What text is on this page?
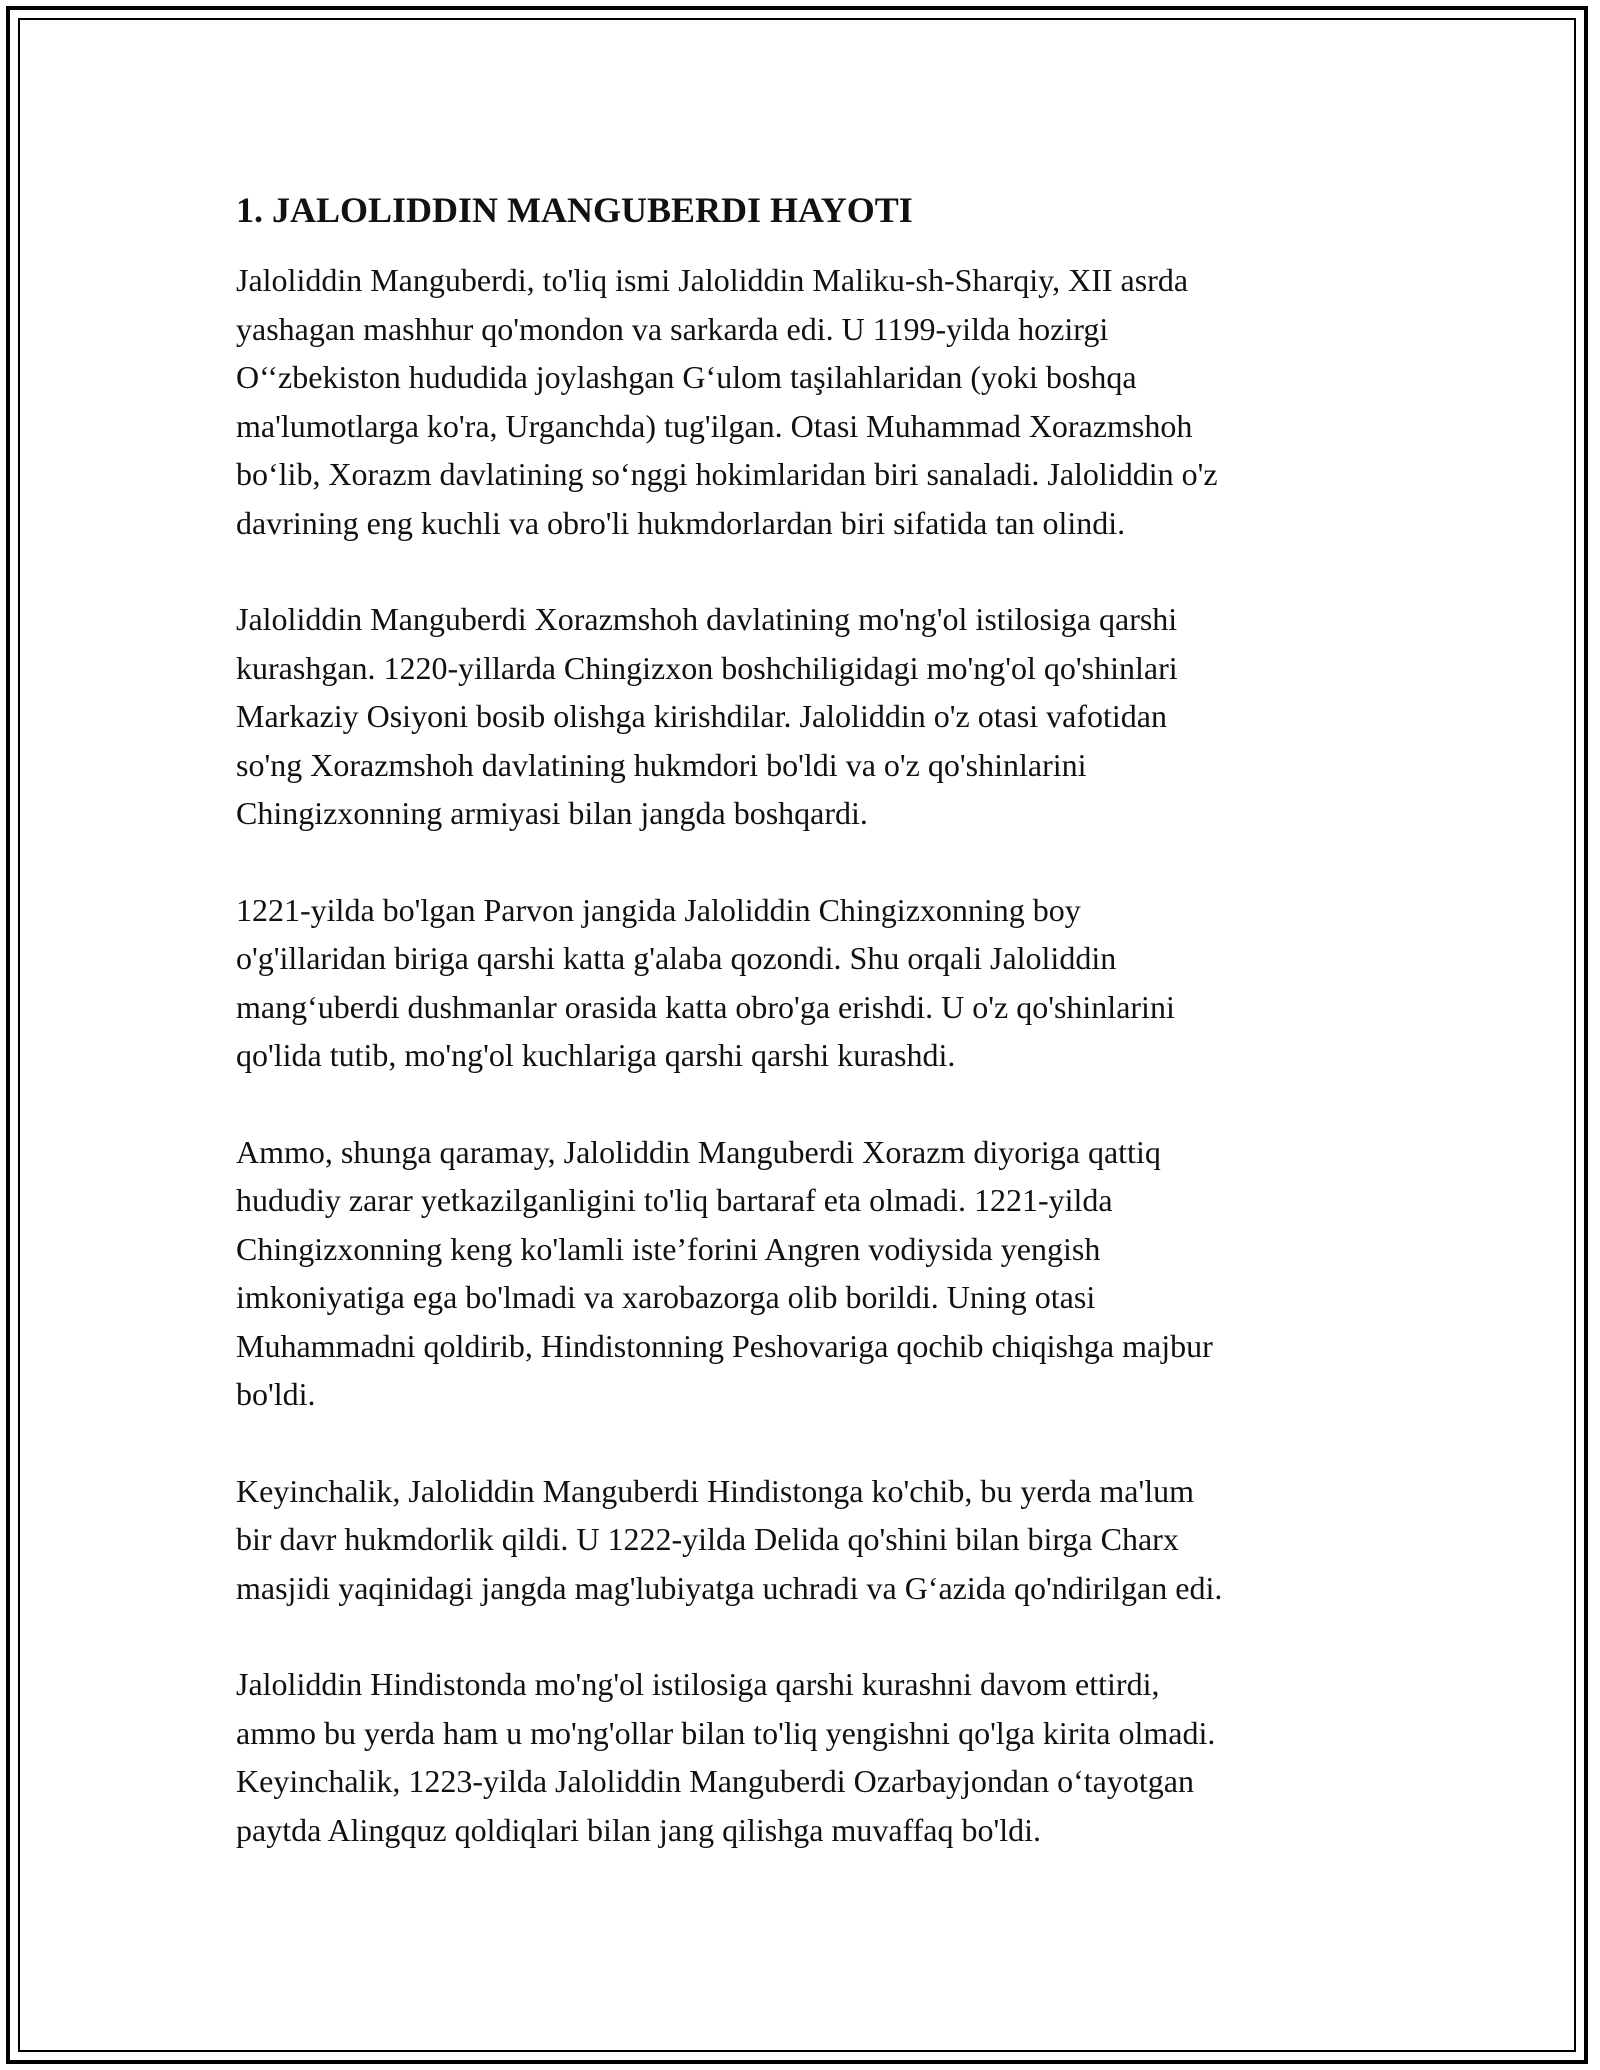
1. JALOLIDDIN MANGUBERDI HAYOTI

Jaloliddin Manguberdi, to'liq ismi Jaloliddin Maliku-sh-Sharqiy, XII asrda
yashagan mashhur qo'mondon va sarkarda edi. U 1199-yilda hozirgi
O‘‘zbekiston hududida joylashgan G‘ulom taşilahlaridan (yoki boshqa
ma'lumotlarga ko'ra, Urganchda) tug'ilgan. Otasi Muhammad Xorazmshoh
bo‘lib, Xorazm davlatining so‘nggi hokimlaridan biri sanaladi. Jaloliddin o'z
davrining eng kuchli va obro'li hukmdorlardan biri sifatida tan olindi.

Jaloliddin Manguberdi Xorazmshoh davlatining mo'ng'ol istilosiga qarshi
kurashgan. 1220-yillarda Chingizxon boshchiligidagi mo'ng'ol qo'shinlari
Markaziy Osiyoni bosib olishga kirishdilar. Jaloliddin o'z otasi vafotidan
so'ng Xorazmshoh davlatining hukmdori bo'ldi va o'z qo'shinlarini
Chingizxonning armiyasi bilan jangda boshqardi.

1221-yilda bo'lgan Parvon jangida Jaloliddin Chingizxonning boy
o'g'illaridan biriga qarshi katta g'alaba qozondi. Shu orqali Jaloliddin
mang‘uberdi dushmanlar orasida katta obro'ga erishdi. U o'z qo'shinlarini
qo'lida tutib, mo'ng'ol kuchlariga qarshi qarshi kurashdi.

Ammo, shunga qaramay, Jaloliddin Manguberdi Xorazm diyoriga qattiq
hududiy zarar yetkazilganligini to'liq bartaraf eta olmadi. 1221-yilda
Chingizxonning keng ko'lamli iste’forini Angren vodiysida yengish
imkoniyatiga ega bo'lmadi va xarobazorga olib borildi. Uning otasi
Muhammadni qoldirib, Hindistonning Peshovariga qochib chiqishga majbur
bo'ldi.

Keyinchalik, Jaloliddin Manguberdi Hindistonga ko'chib, bu yerda ma'lum
bir davr hukmdorlik qildi. U 1222-yilda Delida qo'shini bilan birga Charx
masjidi yaqinidagi jangda mag'lubiyatga uchradi va G‘azida qo'ndirilgan edi.

Jaloliddin Hindistonda mo'ng'ol istilosiga qarshi kurashni davom ettirdi,
ammo bu yerda ham u mo'ng'ollar bilan to'liq yengishni qo'lga kirita olmadi.
Keyinchalik, 1223-yilda Jaloliddin Manguberdi Ozarbayjondan o‘tayotgan
paytda Alingquz qoldiqlari bilan jang qilishga muvaffaq bo'ldi.
